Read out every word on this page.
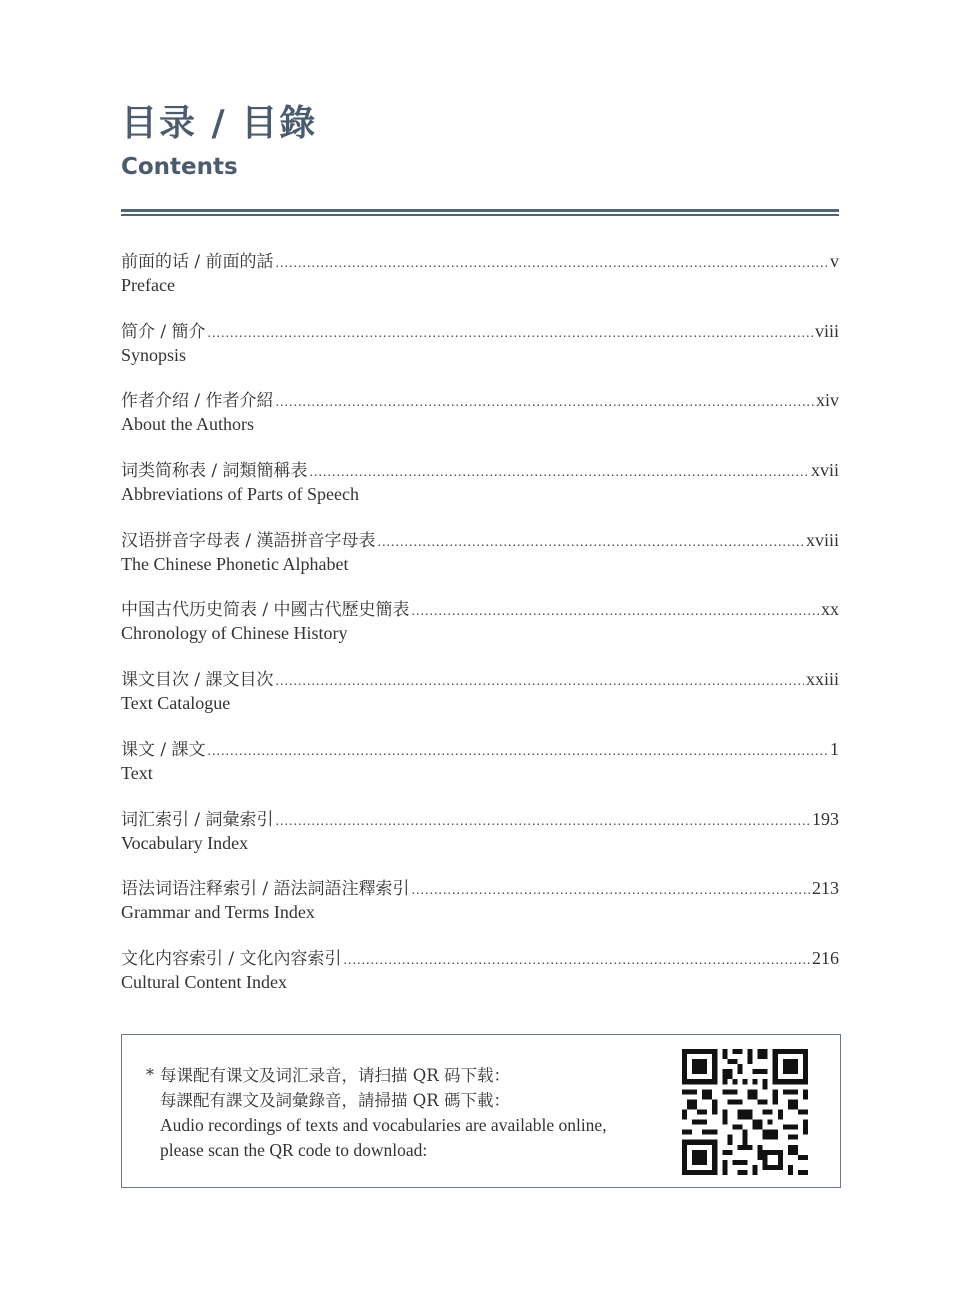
目录 / 目錄
Contents
前面的话 / 前面的話 .....	v
Preface
简介 / 簡介 .....	viii
Synopsis
作者介绍 / 作者介紹 .....	xiv
About the Authors
词类简称表 / 詞類簡稱表 .....	xvii
Abbreviations of Parts of Speech
汉语拼音字母表 / 漢語拼音字母表 .....	xviii
The Chinese Phonetic Alphabet
中国古代历史简表 / 中國古代歷史簡表 .....	xx
Chronology of Chinese History
课文目次 / 課文目次 .....	xxiii
Text Catalogue
课文 / 課文 .....	1
Text
词汇索引 / 詞彙索引 .....	193
Vocabulary Index
语法词语注释索引 / 語法詞語注釋索引 .....	213
Grammar and Terms Index
文化内容索引 / 文化內容索引 .....	216
Cultural Content Index
* 每课配有课文及词汇录音，请扫描 QR 码下载：
每課配有課文及詞彙錄音，請掃描 QR 碼下載：
Audio recordings of texts and vocabularies are available online,
please scan the QR code to download:
